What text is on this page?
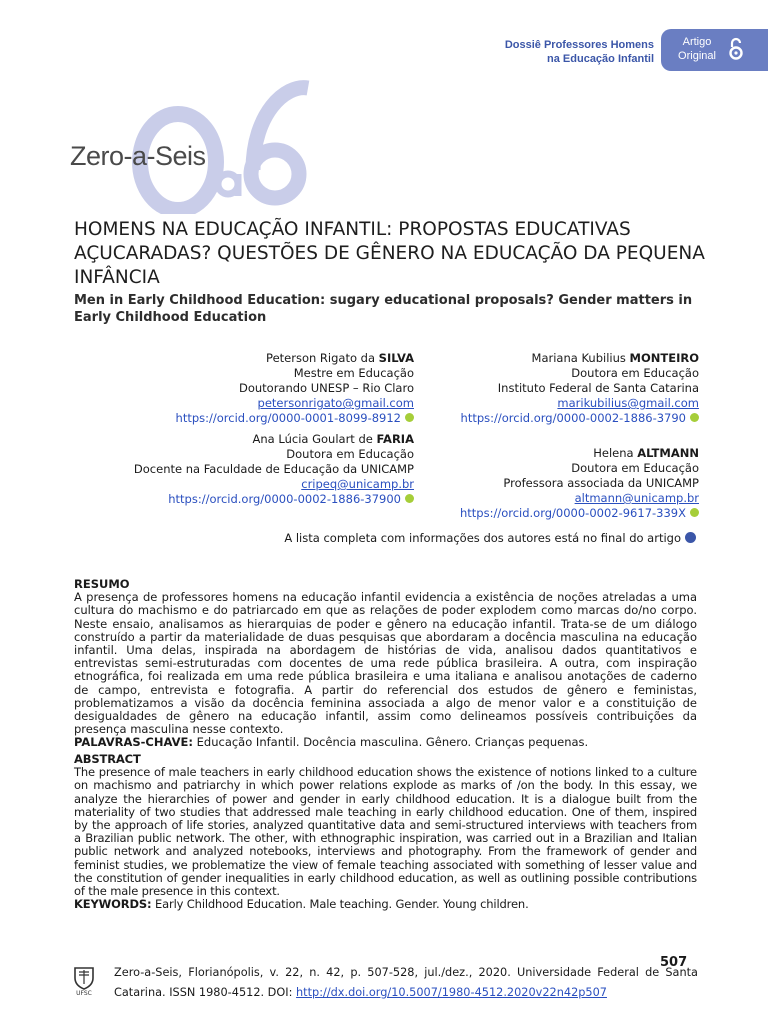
Dossiê Professores Homens
na Educação Infantil
Artigo
Original
Zero-a-Seis
HOMENS NA EDUCAÇÃO INFANTIL: PROPOSTAS EDUCATIVAS AÇUCARADAS? QUESTÕES DE GÊNERO NA EDUCAÇÃO DA PEQUENA INFÂNCIA
Men in Early Childhood Education: sugary educational proposals? Gender matters in Early Childhood Education
Peterson Rigato da SILVA
Mestre em Educação
Doutorando UNESP – Rio Claro
petersonrigato@gmail.com
https://orcid.org/0000-0001-8099-8912
Mariana Kubilius MONTEIRO
Doutora em Educação
Instituto Federal de Santa Catarina
marikubilius@gmail.com
https://orcid.org/0000-0002-1886-3790
Ana Lúcia Goulart de FARIA
Doutora em Educação
Docente na Faculdade de Educação da UNICAMP
cripeq@unicamp.br
https://orcid.org/0000-0002-1886-37900
Helena ALTMANN
Doutora em Educação
Professora associada da UNICAMP
altmann@unicamp.br
https://orcid.org/0000-0002-9617-339X
A lista completa com informações dos autores está no final do artigo
RESUMO

A presença de professores homens na educação infantil evidencia a existência de noções atreladas a uma cultura do machismo e do patriarcado em que as relações de poder explodem como marcas do/no corpo. Neste ensaio, analisamos as hierarquias de poder e gênero na educação infantil. Trata-se de um diálogo construído a partir da materialidade de duas pesquisas que abordaram a docência masculina na educação infantil. Uma delas, inspirada na abordagem de histórias de vida, analisou dados quantitativos e entrevistas semi-estruturadas com docentes de uma rede pública brasileira. A outra, com inspiração etnográfica, foi realizada em uma rede pública brasileira e uma italiana e analisou anotações de caderno de campo, entrevista e fotografia. A partir do referencial dos estudos de gênero e feministas, problematizamos a visão da docência feminina associada a algo de menor valor e a constituição de desigualdades de gênero na educação infantil, assim como delineamos possíveis contribuições da presença masculina nesse contexto.

PALAVRAS-CHAVE: Educação Infantil. Docência masculina. Gênero. Crianças pequenas.

ABSTRACT

The presence of male teachers in early childhood education shows the existence of notions linked to a culture on machismo and patriarchy in which power relations explode as marks of /on the body. In this essay, we analyze the hierarchies of power and gender in early childhood education. It is a dialogue built from the materiality of two studies that addressed male teaching in early childhood education. One of them, inspired by the approach of life stories, analyzed quantitative data and semi-structured interviews with teachers from a Brazilian public network. The other, with ethnographic inspiration, was carried out in a Brazilian and Italian public network and analyzed notebooks, interviews and photography. From the framework of gender and feminist studies, we problematize the view of female teaching associated with something of lesser value and the constitution of gender inequalities in early childhood education, as well as outlining possible contributions of the male presence in this context.

KEYWORDS: Early Childhood Education. Male teaching. Gender. Young children.

507
UFSC
Zero-a-Seis, Florianópolis, v. 22, n. 42, p. 507-528, jul./dez., 2020. Universidade Federal de Santa Catarina. ISSN 1980-4512. DOI: http://dx.doi.org/10.5007/1980-4512.2020v22n42p507
